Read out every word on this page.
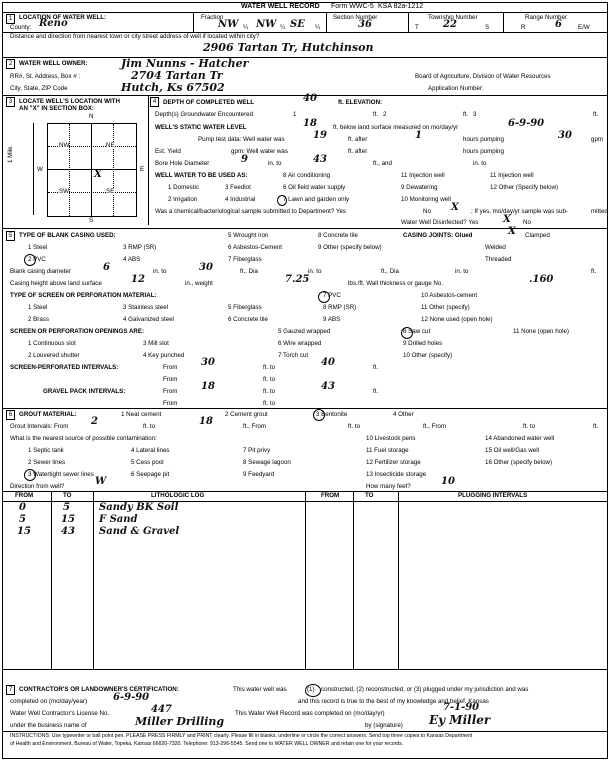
WATER WELL RECORD Form WWC-5 KSA 82a-1212
1	LOCATION OF WATER WELL:	Fraction	Section Number	Township Number	Range Number
County: Reno	NW ¼ NW ¼ SE ¼	36	T 22	S	R	6	E/W
Distance and direction from nearest town or city street address of well if located within city?
2906 Tartan Tr, Hutchinson
2	WATER WELL OWNER:	Jim Nunns - Hatcher
RR#, St. Address, Box # :	2704 Tartan Tr	Board of Agriculture, Division of Water Resources
City, State, ZIP Code	Hutch, Ks 67502	Application Number:
3	LOCATE WELL'S LOCATION WITH
AN "X" IN SECTION BOX:
N
S
W	E
1 Mile
NW	NE
SW	SE
X
4	DEPTH OF COMPLETED WELL	40	ft. ELEVATION:
Depth(s) Groundwater Encountered	1	ft. 2	ft. 3	ft.
WELL'S STATIC WATER LEVEL	18	ft. below land surface measured on mo/day/yr	6-9-90
Pump test data: Well water was	19	ft. after	1	hours pumping	30	gpm
Est. Yield	gpm: Well water was	ft. after	hours pumping
Bore Hole Diameter	9	in. to	43	ft., and	in. to
WELL WATER TO BE USED AS:	8 Air conditioning	11 Injection well	11 Injection well
1 Domestic	3 Feedlot	6 Oil field water supply	9 Dewatering	12 Other (Specify below)
2 Irrigation	4 Industrial	7 Lawn and garden only	10 Monitoring well
Was a chemical/bacteriological sample submitted to Department? Yes	No X ; If yes, mo/day/yr sample was sub-	mitted
Water Well Disinfected? Yes X No
5	TYPE OF BLANK CASING USED:	5 Wrought iron	8 Concrete tile	CASING JOINTS: Glued	X Clamped
1 Steel	3 RMP (SR)	6 Asbestos-Cement	9 Other (specify below)	Welded
2 PVC	4 ABS	7 Fiberglass	Threaded
Blank casing diameter	6	in. to	30	ft., Dia	in. to	ft., Dia	in. to	ft.
Casing height above land surface	12	in., weight	7.25	lbs./ft. Wall thickness or gauge No.	.160
TYPE OF SCREEN OR PERFORATION MATERIAL:	7 PVC	10 Asbestos-cement
1 Steel	3 Stainless steel	5 Fiberglass	8 RMP (SR)	11 Other (specify)
2 Brass	4 Galvanized steel	6 Concrete tile	9 ABS	12 None used (open hole)
SCREEN OR PERFORATION OPENINGS ARE:	5 Gauzed wrapped	8 Saw cut	11 None (open hole)
1 Continuous slot	3 Mill slot	6 Wire wrapped	9 Drilled holes
2 Louvered shutter	4 Key punched	7 Torch cut	10 Other (specify)
SCREEN-PERFORATED INTERVALS:	From 30	ft. to	40	ft.
From	ft. to
GRAVEL PACK INTERVALS:	From 18	ft. to	43	ft.
From	ft. to
6	GROUT MATERIAL:	1 Neat cement	2 Cement grout	3 Bentonite	4 Other
Grout Intervals: From 2	ft. to	18	ft., From	ft. to	ft., From	ft. to	ft.
What is the nearest source of possible contamination:	10 Livestock pens	14 Abandoned water well
1 Septic tank	4 Lateral lines	7 Pit privy	11 Fuel storage	15 Oil well/Gas well
2 Sewer lines	5 Cess pool	8 Sewage lagoon	12 Fertilizer storage	16 Other (specify below)
3 Watertight sewer lines	6 Seepage pit	9 Feedyard	13 Insecticide storage
Direction from well?	W	How many feet?	10
FROM	TO	LITHOLOGIC LOG	FROM	TO	PLUGGING INTERVALS
0	5	Sandy BK Soil
5	15 F Sand
15	43 Sand & Gravel
7	CONTRACTOR'S OR LANDOWNER'S CERTIFICATION:	This water well was	(1) constructed, (2) reconstructed, or (3) plugged under my jurisdiction and was
completed on (mo/day/year)	6-9-90	and this record is true to the best of my knowledge and belief. Kansas
Water Well Contractor's License No.	447	This Water Well Record was completed on (mo/day/yr)
7-1-90
under the business name of	Miller Drilling	by (signature) Ey Miller
INSTRUCTIONS: Use typewriter or ball point pen. PLEASE PRESS FIRMLY and PRINT clearly. Please fill in blanks, underline or circle the correct answers. Send top three copies to Kansas Department
of Health and Environment, Bureau of Water, Topeka, Kansas 66620-7320. Telephone: 913-296-5545. Send one to WATER WELL OWNER and retain one for your records.
